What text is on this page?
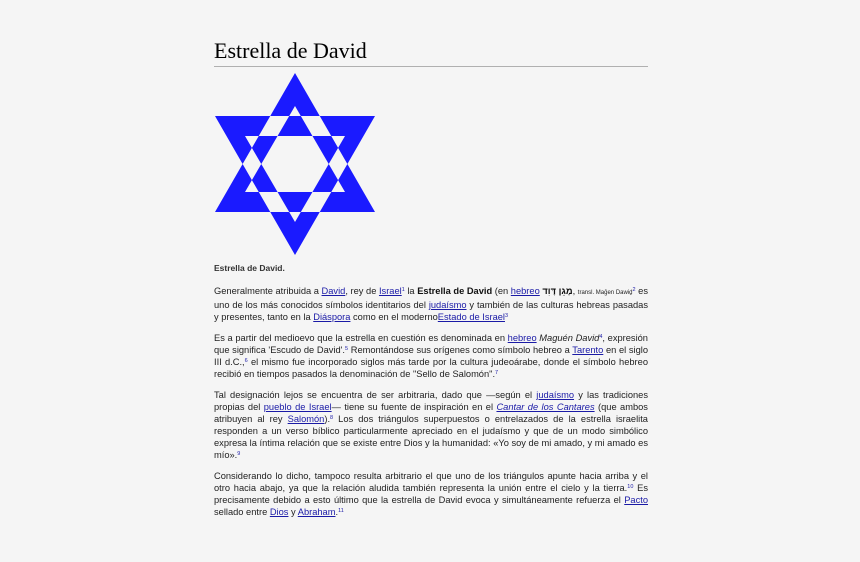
Estrella de David
Estrella de David.

Generalmente atribuida a David, rey de Israel$^1$ la Estrella de David (en hebreo מָגֵן דָּוִד, transl. Maḡen Dawiḏ$^2$ es uno de los más conocidos símbolos identitarios del judaísmo y también de las culturas hebreas pasadas y presentes, tanto en la Diáspora como en el modernoEstado de Israel$^3$

Es a partir del medioevo que la estrella en cuestión es denominada en hebreo Maguén David$^4$, expresión que significa 'Escudo de David'.$^5$ Remontándose sus orígenes como símbolo hebreo a Tarento en el siglo III d.C.,$^6$ el mismo fue incorporado siglos más tarde por la cultura judeoárabe, donde el símbolo hebreo recibió en tiempos pasados la denominación de "Sello de Salomón".$^7$

Tal designación lejos se encuentra de ser arbitraria, dado que —según el judaísmo y las tradiciones propias del pueblo de Israel— tiene su fuente de inspiración en el Cantar de los Cantares (que ambos atribuyen al rey Salomón).$^8$ Los dos triángulos superpuestos o entrelazados de la estrella israelita responden a un verso bíblico particularmente apreciado en el judaísmo y que de un modo simbólico expresa la íntima relación que se existe entre Dios y la humanidad: «Yo soy de mi amado, y mi amado es mío».$^9$

Considerando lo dicho, tampoco resulta arbitrario el que uno de los triángulos apunte hacia arriba y el otro hacia abajo, ya que la relación aludida también representa la unión entre el cielo y la tierra.$^{10}$ Es precisamente debido a esto último que la estrella de David evoca y simultáneamente refuerza el Pacto sellado entre Dios y Abraham.$^{11}$
